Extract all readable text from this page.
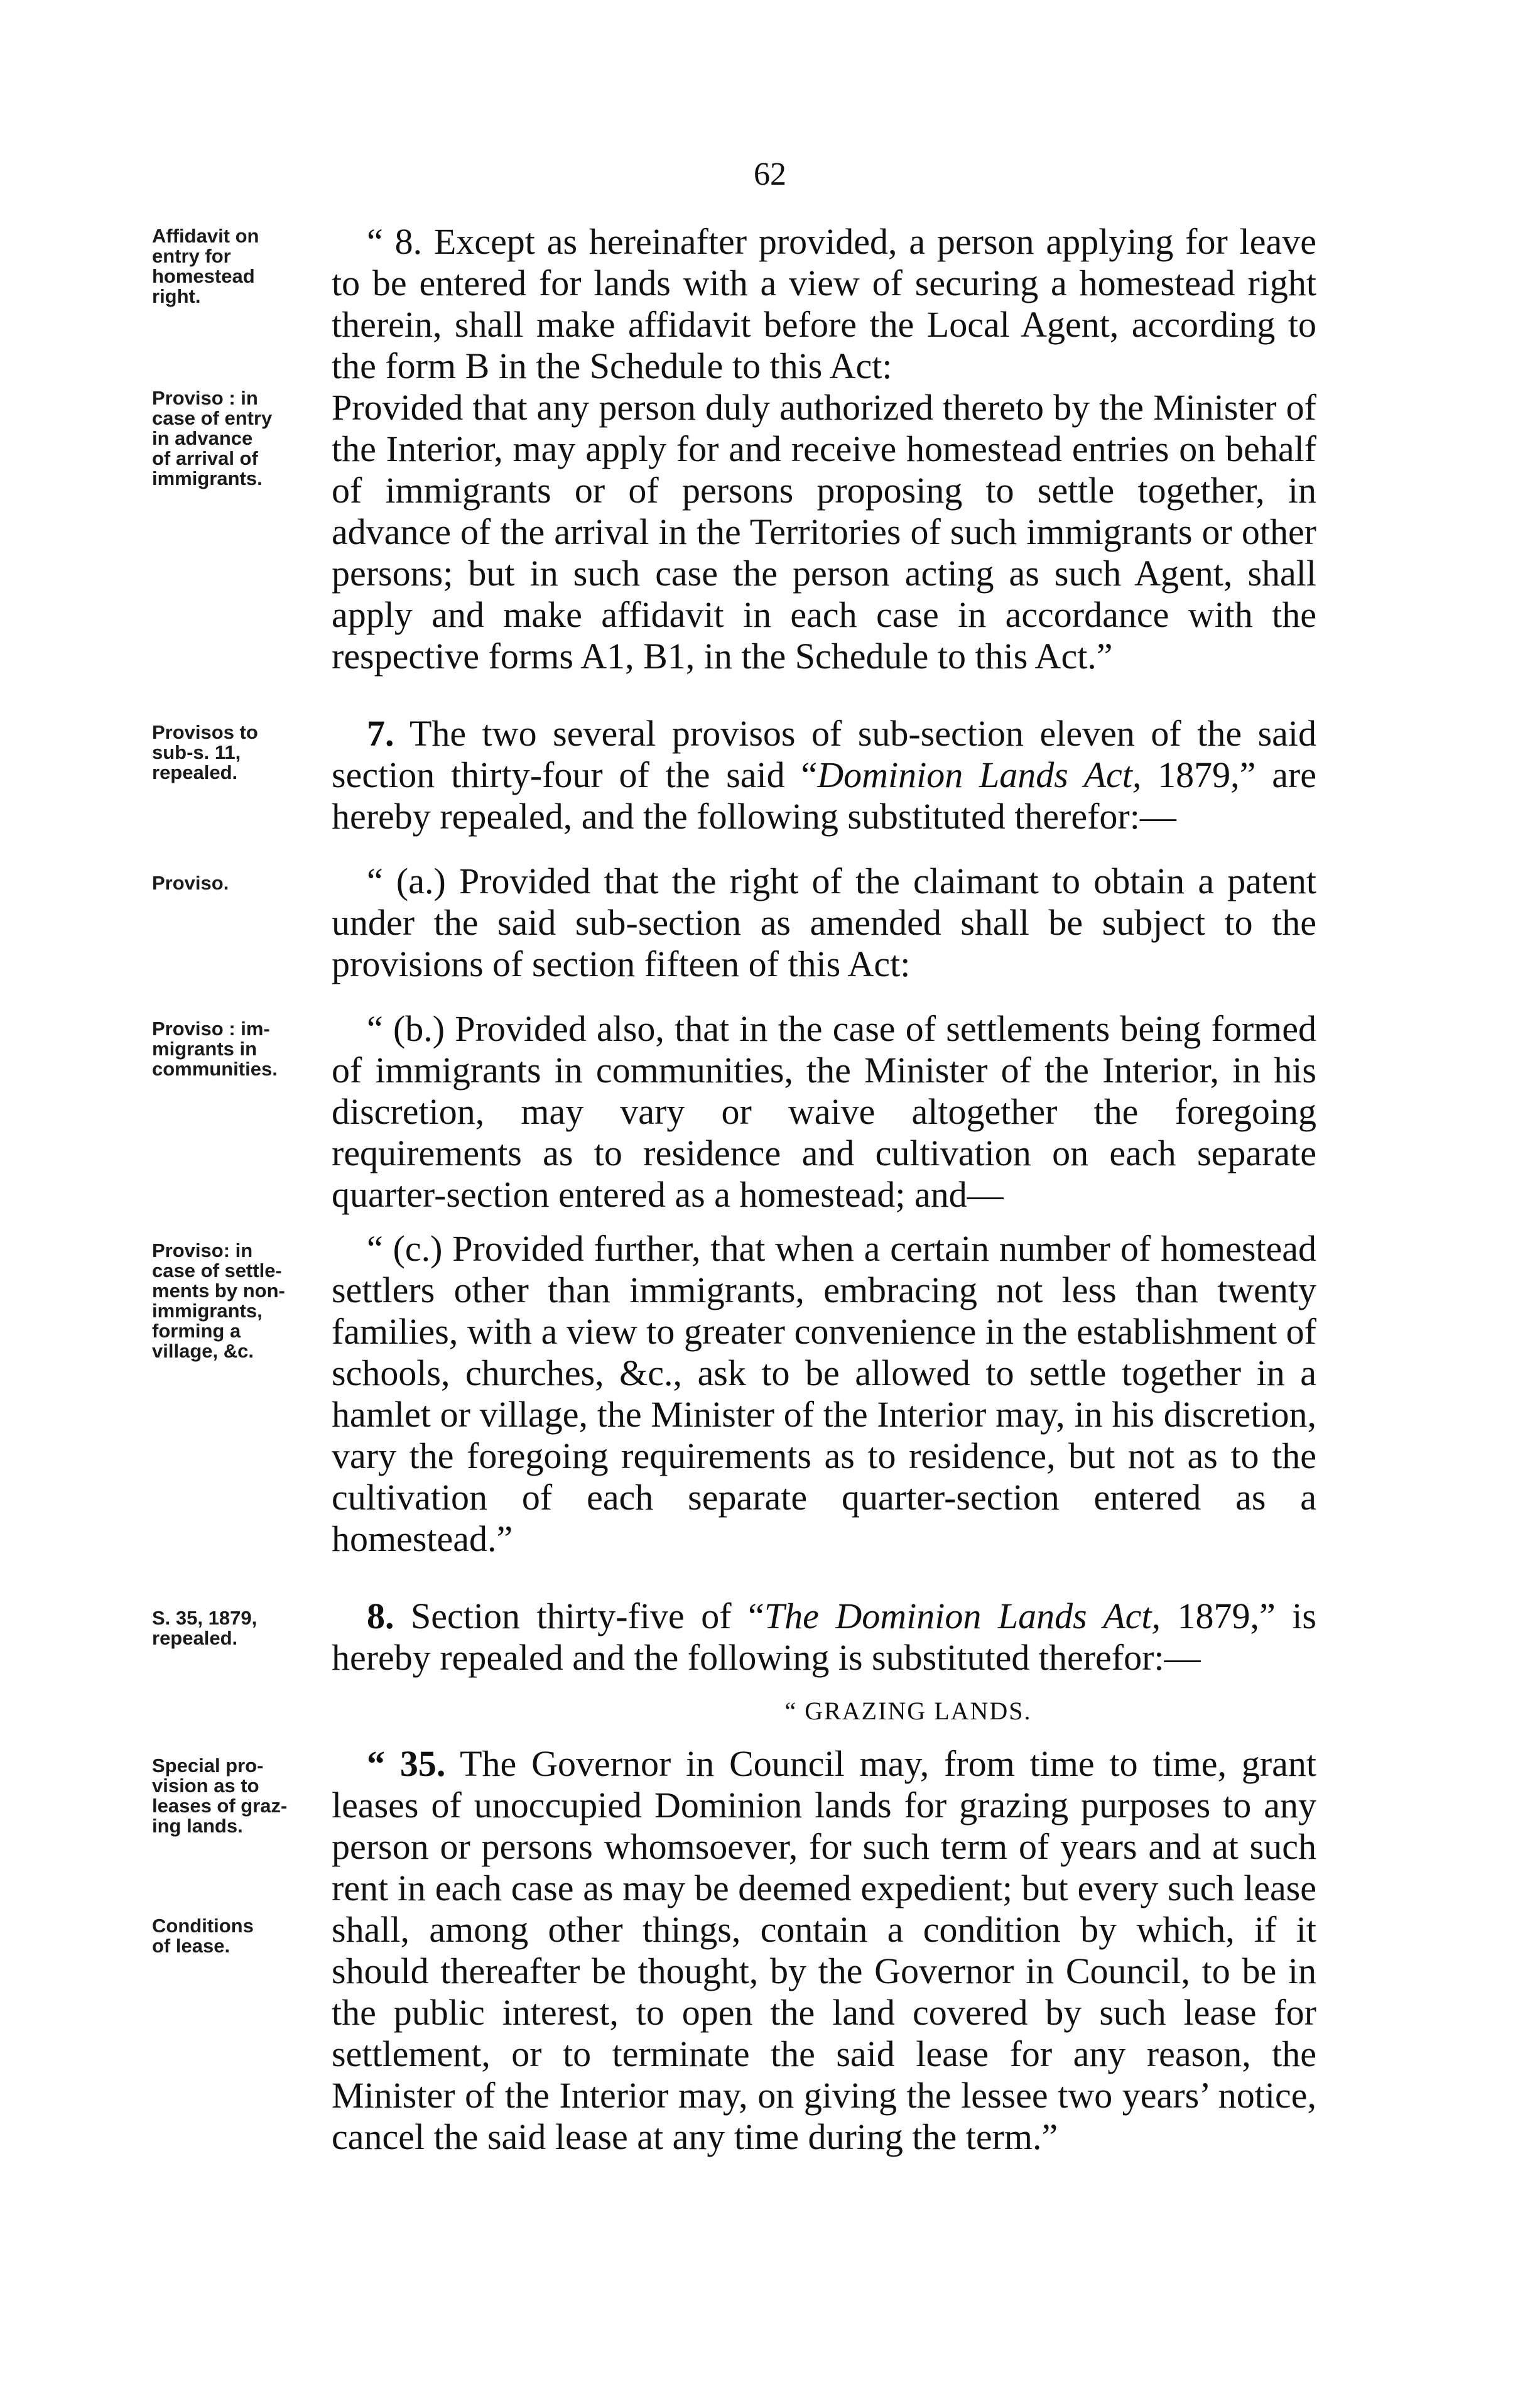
62
Affidavit on
entry for
homestead
right.

“ 8. Except as hereinafter provided, a person applying for leave to be entered for lands with a view of securing a homestead right therein, shall make affidavit before the Local Agent, according to the form B in the Schedule to this Act:

Provided that any person duly authorized thereto by the Minister of the Interior, may apply for and receive homestead entries on behalf of immigrants or of persons proposing to settle together, in advance of the arrival in the Territories of such immigrants or other persons; but in such case the person acting as such Agent, shall apply and make affidavit in each case in accordance with the respective forms A1, B1, in the Schedule to this Act.”

Proviso : in
case of entry
in advance
of arrival of
immigrants.
Provisos to
sub-s. 11,
repealed.

7. The two several provisos of sub-section eleven of the said section thirty-four of the said “Dominion Lands Act, 1879,” are hereby repealed, and the following substituted therefor:—

Proviso.	“ (a.) Provided that the right of the claimant to obtain a patent under the said sub-section as amended shall be subject to the provisions of section fifteen of this Act:

Proviso : im-
migrants in
communities.

“ (b.) Provided also, that in the case of settlements being formed of immigrants in communities, the Minister of the Interior, in his discretion, may vary or waive altogether the foregoing requirements as to residence and cultivation on each separate quarter-section entered as a homestead; and—

Proviso: in
case of settle-
ments by non-
immigrants,
forming a
village, &c.

“ (c.) Provided further, that when a certain number of homestead settlers other than immigrants, embracing not less than twenty families, with a view to greater convenience in the establishment of schools, churches, &c., ask to be allowed to settle together in a hamlet or village, the Minister of the Interior may, in his discretion, vary the foregoing requirements as to residence, but not as to the cultivation of each separate quarter-section entered as a homestead.”

S. 35, 1879,
repealed.

8. Section thirty-five of “The Dominion Lands Act, 1879,” is hereby repealed and the following is substituted therefor:—

“ GRAZING LANDS.
Special pro-
vision as to
leases of graz-
ing lands.
Conditions
of lease.

“ 35. The Governor in Council may, from time to time, grant leases of unoccupied Dominion lands for grazing purposes to any person or persons whomsoever, for such term of years and at such rent in each case as may be deemed expedient; but every such lease shall, among other things, contain a condition by which, if it should thereafter be thought, by the Governor in Council, to be in the public interest, to open the land covered by such lease for settlement, or to terminate the said lease for any reason, the Minister of the Interior may, on giving the lessee two years’ notice, cancel the said lease at any time during the term.”
